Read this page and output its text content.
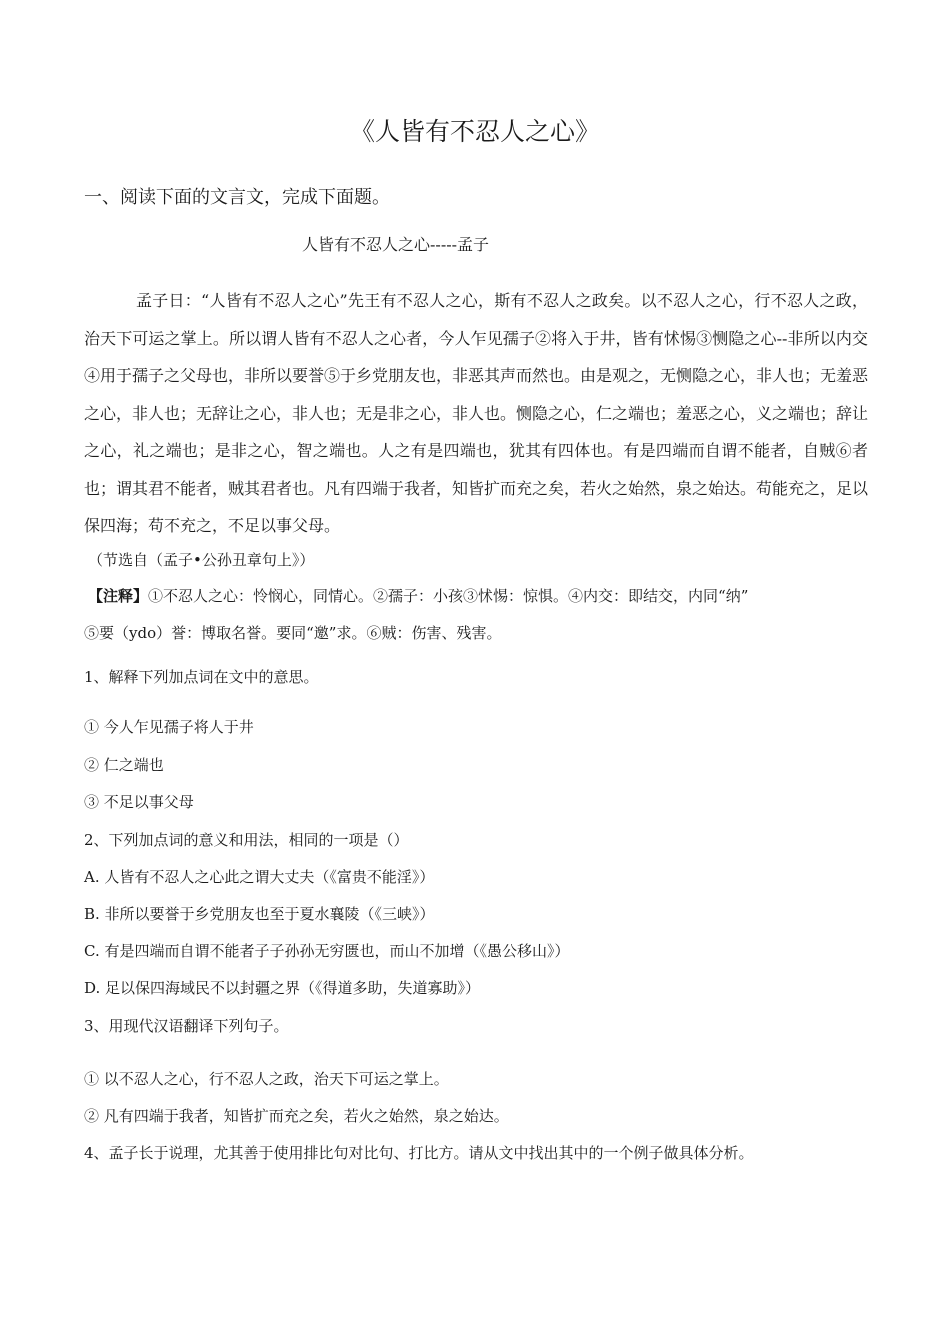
《人皆有不忍人之心》
一、阅读下面的文言文，完成下面题。
人皆有不忍人之心-----孟子

孟子日：“人皆有不忍人之心”先王有不忍人之心，斯有不忍人之政矣。以不忍人之心，行不忍人之政，治天下可运之掌上。所以谓人皆有不忍人之心者，今人乍见孺子②将入于井，皆有怵惕③恻隐之心--非所以内交④用于孺子之父母也，非所以要誉⑤于乡党朋友也，非恶其声而然也。由是观之，无恻隐之心，非人也；无羞恶之心，非人也；无辞让之心，非人也；无是非之心，非人也。恻隐之心，仁之端也；羞恶之心，义之端也；辞让之心，礼之端也；是非之心，智之端也。人之有是四端也，犹其有四体也。有是四端而自谓不能者，自贼⑥者也；谓其君不能者，贼其君者也。凡有四端于我者，知皆扩而充之矣，若火之始然，泉之始达。苟能充之，足以保四海；苟不充之，不足以事父母。

（节选自（孟子•公孙丑章句上》）
【注释】①不忍人之心：怜悯心，同情心。②孺子：小孩③怵惕：惊惧。④内交：即结交，内同“纳”
⑤要（ydo）誉：博取名誉。要同“邀”求。⑥贼：伤害、残害。
1、解释下列加点词在文中的意思。
① 今人乍见孺子将人于井
② 仁之端也
③ 不足以事父母
2、下列加点词的意义和用法，相同的一项是（）
A. 人皆有不忍人之心此之谓大丈夫（《富贵不能淫》）
B. 非所以要誉于乡党朋友也至于夏水襄陵（《三峡》）
C. 有是四端而自谓不能者子子孙孙无穷匮也，而山不加增（《愚公移山》）
D. 足以保四海域民不以封疆之界（《得道多助，失道寡助》）
3、用现代汉语翻译下列句子。
① 以不忍人之心，行不忍人之政，治天下可运之掌上。
② 凡有四端于我者，知皆扩而充之矣，若火之始然，泉之始达。
4、孟子长于说理，尤其善于使用排比句对比句、打比方。请从文中找出其中的一个例子做具体分析。
